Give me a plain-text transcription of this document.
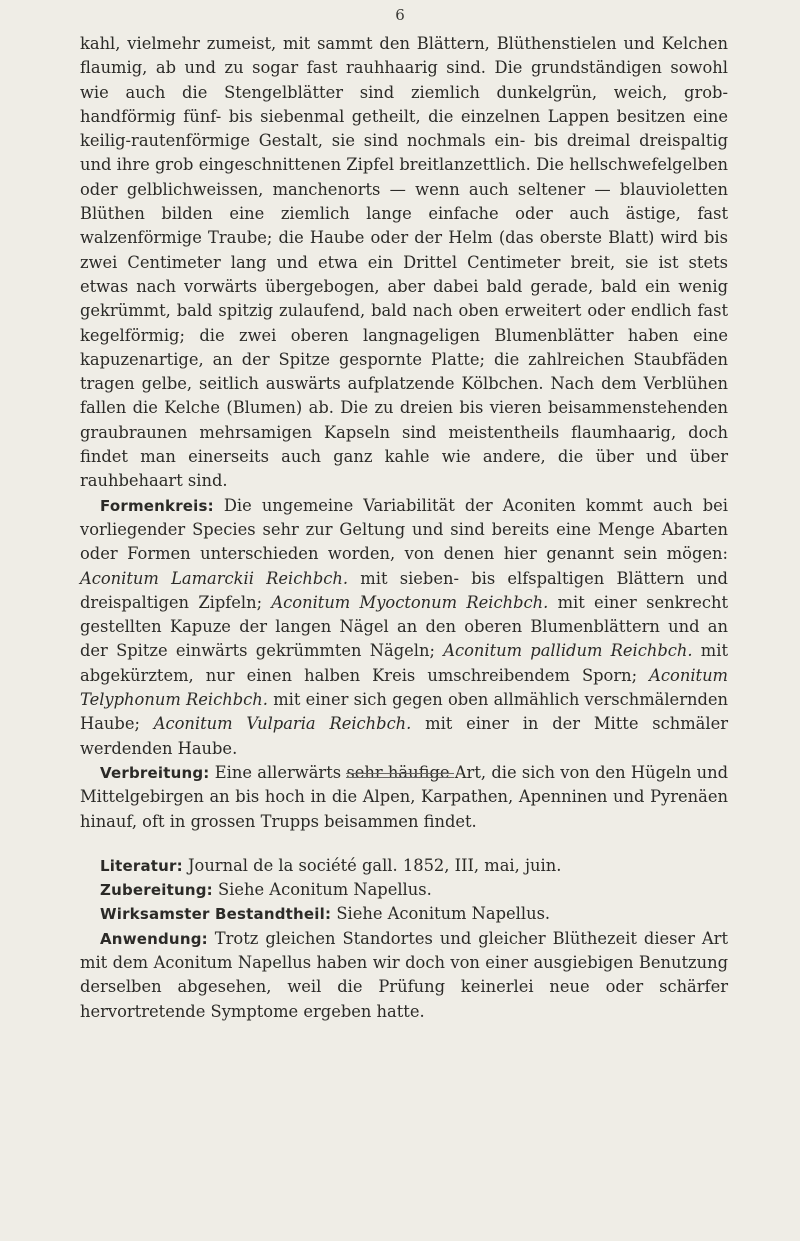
6

kahl, vielmehr zumeist, mit sammt den Blättern, Blüthenstielen und Kelchen flaumig, ab und zu sogar fast rauhhaarig sind. Die grundständigen sowohl wie auch die Stengelblätter sind ziemlich dunkelgrün, weich, grob-handförmig fünf- bis siebenmal getheilt, die einzelnen Lappen besitzen eine keilig-rautenförmige Gestalt, sie sind nochmals ein- bis dreimal dreispaltig und ihre grob eingeschnittenen Zipfel breitlanzettlich. Die hellschwefelgelben oder gelblichweissen, manchenorts — wenn auch seltener — blauvioletten Blüthen bilden eine ziemlich lange einfache oder auch ästige, fast walzenförmige Traube; die Haube oder der Helm (das oberste Blatt) wird bis zwei Centimeter lang und etwa ein Drittel Centimeter breit, sie ist stets etwas nach vorwärts übergebogen, aber dabei bald gerade, bald ein wenig gekrümmt, bald spitzig zulaufend, bald nach oben erweitert oder endlich fast kegelförmig; die zwei oberen langnageligen Blumenblätter haben eine kapuzenartige, an der Spitze gespornte Platte; die zahlreichen Staubfäden tragen gelbe, seitlich auswärts aufplatzende Kölbchen. Nach dem Verblühen fallen die Kelche (Blumen) ab. Die zu dreien bis vieren beisammenstehenden graubraunen mehrsamigen Kapseln sind meistentheils flaumhaarig, doch findet man einerseits auch ganz kahle wie andere, die über und über rauhbehaart sind.

Formenkreis: Die ungemeine Variabilität der Aconiten kommt auch bei vorliegender Species sehr zur Geltung und sind bereits eine Menge Abarten oder Formen unterschieden worden, von denen hier genannt sein mögen: Aconitum Lamarckii Reichbch. mit sieben- bis elfspaltigen Blättern und dreispaltigen Zipfeln; Aconitum Myoctonum Reichbch. mit einer senkrecht gestellten Kapuze der langen Nägel an den oberen Blumenblättern und an der Spitze einwärts gekrümmten Nägeln; Aconitum pallidum Reichbch. mit abgekürztem, nur einen halben Kreis umschreibendem Sporn; Aconitum Telyphonum Reichbch. mit einer sich gegen oben allmählich verschmälernden Haube; Aconitum Vulparia Reichbch. mit einer in der Mitte schmäler werdenden Haube.

Verbreitung: Eine allerwärts sehr häufige Art, die sich von den Hügeln und Mittelgebirgen an bis hoch in die Alpen, Karpathen, Apenninen und Pyrenäen hinauf, oft in grossen Trupps beisammen findet.

Literatur: Journal de la société gall. 1852, III, mai, juin.

Zubereitung: Siehe Aconitum Napellus.

Wirksamster Bestandtheil: Siehe Aconitum Napellus.

Anwendung: Trotz gleichen Standortes und gleicher Blüthezeit dieser Art mit dem Aconitum Napellus haben wir doch von einer ausgiebigen Benutzung derselben abgesehen, weil die Prüfung keinerlei neue oder schärfer hervortretende Symptome ergeben hatte.
